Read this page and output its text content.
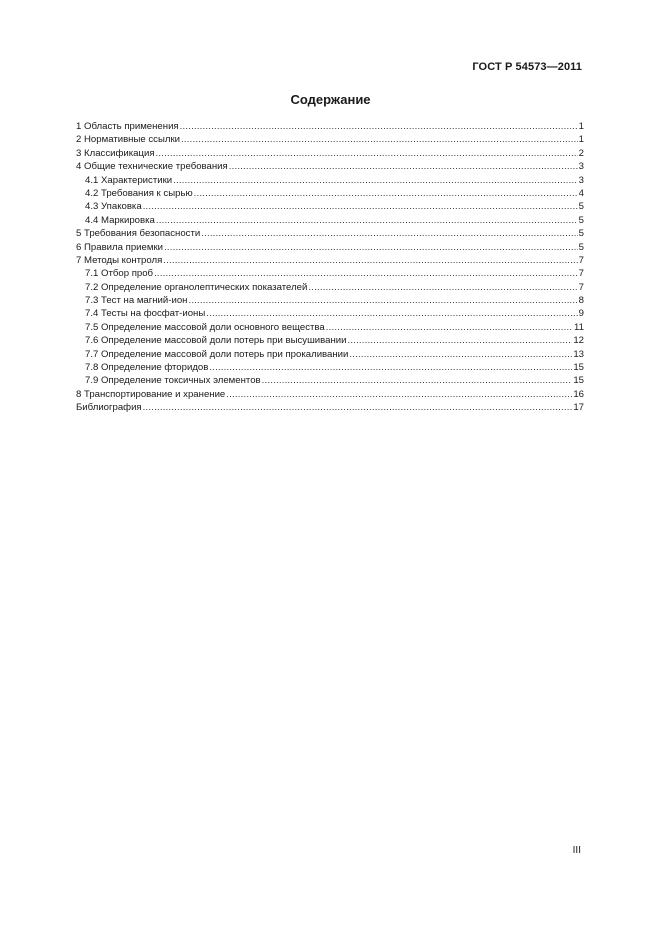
ГОСТ Р 54573—2011
Содержание
1 Область применения .....	1
2 Нормативные ссылки .....	1
3 Классификация .....	2
4 Общие технические требования .....	3
4.1 Характеристики .....	3
4.2 Требования к сырью .....	4
4.3 Упаковка .....	5
4.4 Маркировка .....	5
5 Требования безопасности .....	5
6 Правила приемки .....	5
7 Методы контроля .....	7
7.1 Отбор проб .....	7
7.2 Определение органолептических показателей .....	7
7.3 Тест на магний-ион .....	8
7.4 Тесты на фосфат-ионы .....	9
7.5 Определение массовой доли основного вещества .....	11
7.6 Определение массовой доли потерь при высушивании .....	12
7.7 Определение массовой доли потерь при прокаливании .....	13
7.8 Определение фторидов .....	15
7.9 Определение токсичных элементов .....	15
8 Транспортирование и хранение .....	16
Библиография .....	17
III
